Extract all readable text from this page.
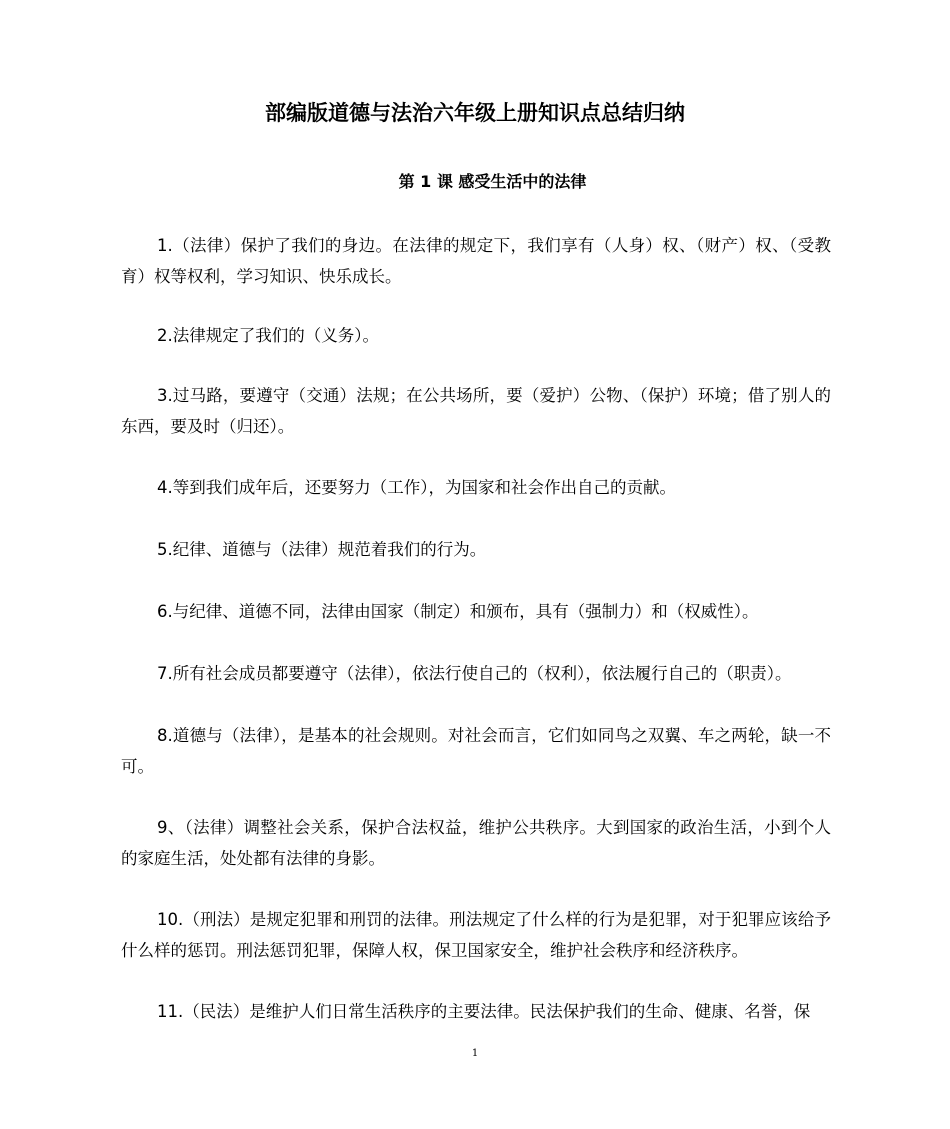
部编版道德与法治六年级上册知识点总结归纳
第 1 课 感受生活中的法律

1.（法律）保护了我们的身边。在法律的规定下，我们享有（人身）权、（财产）权、（受教育）权等权利，学习知识、快乐成长。

2.法律规定了我们的（义务）。

3.过马路，要遵守（交通）法规；在公共场所，要（爱护）公物、（保护）环境；借了别人的东西，要及时（归还）。

4.等到我们成年后，还要努力（工作），为国家和社会作出自己的贡献。

5.纪律、道德与（法律）规范着我们的行为。

6.与纪律、道德不同，法律由国家（制定）和颁布，具有（强制力）和（权威性）。

7.所有社会成员都要遵守（法律），依法行使自己的（权利），依法履行自己的（职责）。

8.道德与（法律），是基本的社会规则。对社会而言，它们如同鸟之双翼、车之两轮，缺一不可。

9、（法律）调整社会关系，保护合法权益，维护公共秩序。大到国家的政治生活，小到个人的家庭生活，处处都有法律的身影。

10.（刑法）是规定犯罪和刑罚的法律。刑法规定了什么样的行为是犯罪，对于犯罪应该给予什么样的惩罚。刑法惩罚犯罪，保障人权，保卫国家安全，维护社会秩序和经济秩序。

11.（民法）是维护人们日常生活秩序的主要法律。民法保护我们的生命、健康、名誉，保

1
